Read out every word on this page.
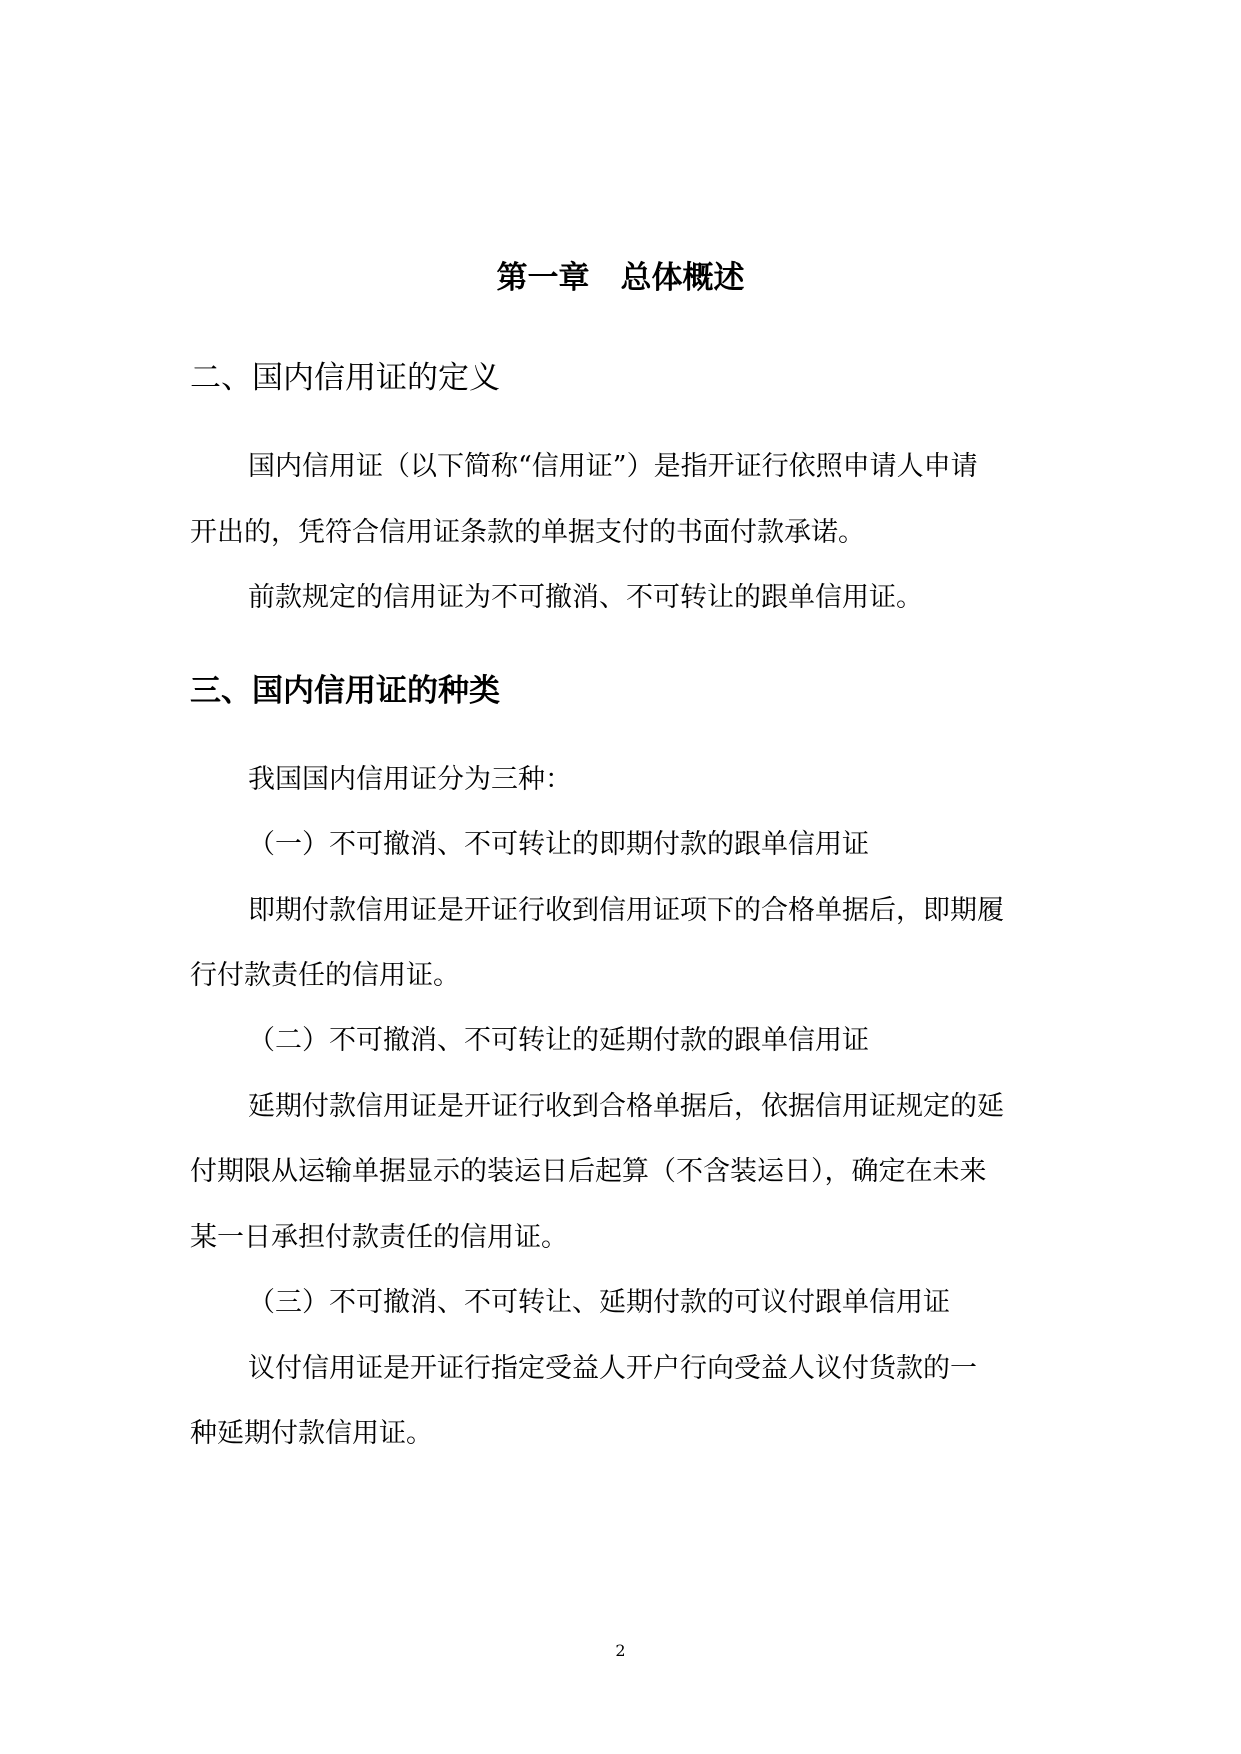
第一章　总体概述
二、国内信用证的定义

国内信用证（以下简称“信用证”）是指开证行依照申请人申请

开出的，凭符合信用证条款的单据支付的书面付款承诺。

前款规定的信用证为不可撤消、不可转让的跟单信用证。

三、国内信用证的种类

我国国内信用证分为三种：

（一）不可撤消、不可转让的即期付款的跟单信用证

即期付款信用证是开证行收到信用证项下的合格单据后，即期履

行付款责任的信用证。

（二）不可撤消、不可转让的延期付款的跟单信用证

延期付款信用证是开证行收到合格单据后，依据信用证规定的延

付期限从运输单据显示的装运日后起算（不含装运日），确定在未来

某一日承担付款责任的信用证。

（三）不可撤消、不可转让、延期付款的可议付跟单信用证

议付信用证是开证行指定受益人开户行向受益人议付货款的一

种延期付款信用证。

2
